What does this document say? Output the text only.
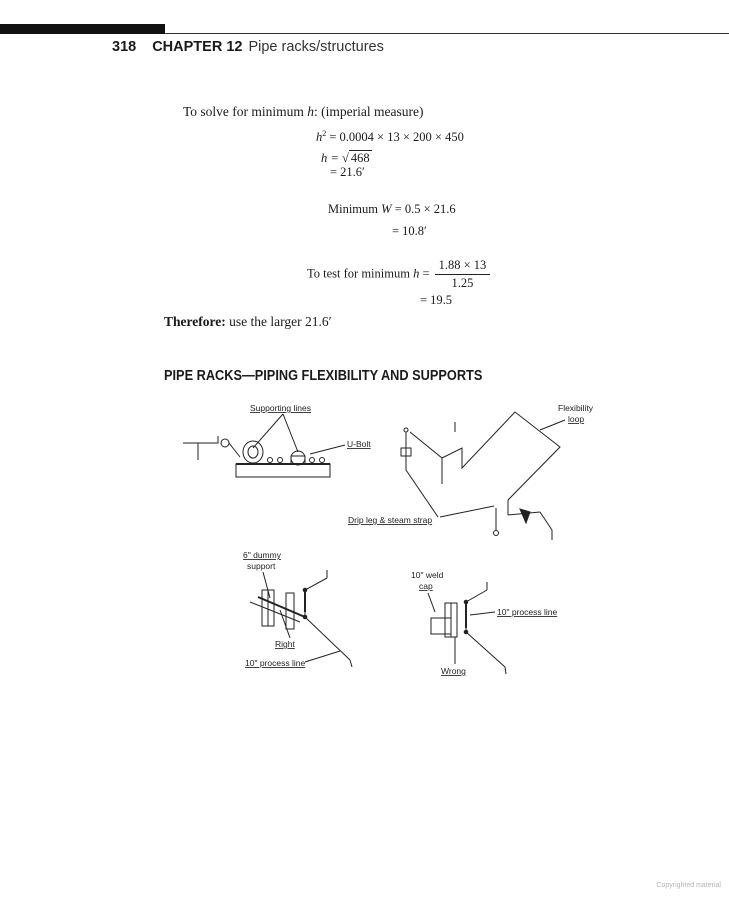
318 CHAPTER 12 Pipe racks/structures
To solve for minimum h: (imperial measure)
$h^2 = 0.0004 \times 13 \times 200 \times 450$
h = √ 468
= 21.6′
Minimum W = 0.5 × 21.6
= 10.8′
To test for minimum $h = \frac{1.88 \times 13}{1.25}$
= 19.5
Therefore: use the larger 21.6′
PIPE RACKS—PIPING FLEXIBILITY AND SUPPORTS
Supporting lines
U-Bolt
Flexibility
loop
Drip leg & steam strap
6" dummy
support
Right
10" process line
10" weld
cap
10" process line
Wrong
Copyrighted material
